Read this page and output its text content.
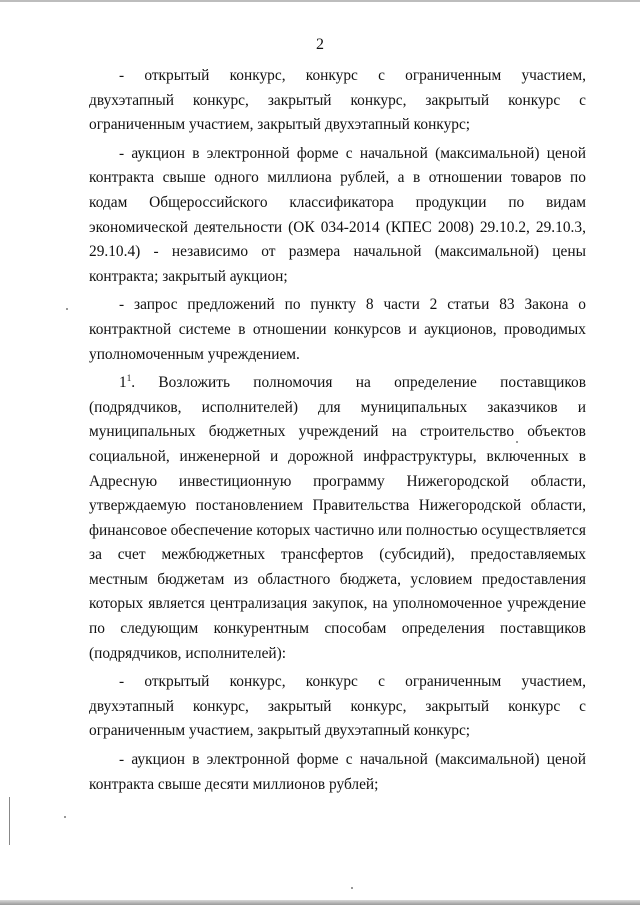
2
- открытый конкурс, конкурс с ограниченным участием,
двухэтапный конкурс, закрытый конкурс, закрытый конкурс с
ограниченным участием, закрытый двухэтапный конкурс;
- аукцион в электронной форме с начальной (максимальной) ценой
контракта свыше одного миллиона рублей, а в отношении товаров по
кодам Общероссийского классификатора продукции по видам
экономической деятельности (ОК 034-2014 (КПЕС 2008) 29.10.2, 29.10.3,
29.10.4) - независимо от размера начальной (максимальной) цены
контракта; закрытый аукцион;
- запрос предложений по пункту 8 части 2 статьи 83 Закона о
контрактной системе в отношении конкурсов и аукционов, проводимых
уполномоченным учреждением.
$1^1$. Возложить полномочия на определение поставщиков
(подрядчиков, исполнителей) для муниципальных заказчиков и
муниципальных бюджетных учреждений на строительство объектов
социальной, инженерной и дорожной инфраструктуры, включенных в
Адресную инвестиционную программу Нижегородской области,
утверждаемую постановлением Правительства Нижегородской области,
финансовое обеспечение которых частично или полностью осуществляется
за счет межбюджетных трансфертов (субсидий), предоставляемых
местным бюджетам из областного бюджета, условием предоставления
которых является централизация закупок, на уполномоченное учреждение
по следующим конкурентным способам определения поставщиков
(подрядчиков, исполнителей):
- открытый конкурс, конкурс с ограниченным участием,
двухэтапный конкурс, закрытый конкурс, закрытый конкурс с
ограниченным участием, закрытый двухэтапный конкурс;
- аукцион в электронной форме с начальной (максимальной) ценой
контракта свыше десяти миллионов рублей;
